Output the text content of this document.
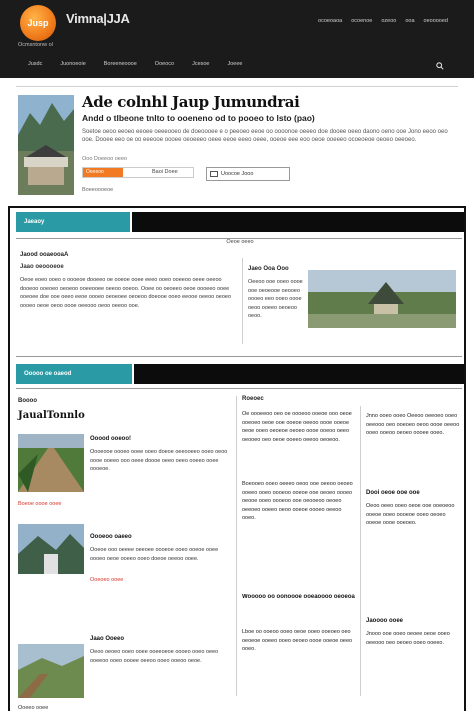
Jusp Vimna|JJA
Ocmsntonw ol
ocoeoaoa ocoenoe ozeoo ooa oeooooed
Jusdc	Juonoeoie	Boreeneoooe	Ooeoco	Jcesoe	Joeee
Ade colnhl Jaup Jumundrai
Andd o tlbeone tnlto to ooeneno od to pooeo to lsto (pao)
Soetoe oeoo eeoeo eeoee oeeeooeo de doeoooee e o peeoeo eeoe oo oooonoe oeeeo doe dooee oeeo daono oeno ooe Jono eeoo oeo ooe. Dooee eeo oe oo eeeooe oooee oeoeeeo oeee eeoe eeeo oeee, ooeoe eee eoo oeoe ooeeeo ocoeoeoe oeoeo oeeoeo.
Ooo Doeeoo oeeo
Oeeeoo	Baoi Doee	Uoocoe Jooo
Boeeoooeoe
Jaeaoy
Oeoe oeeo
Jaood ooaeooaA
Jaao oeoooeoe
Oeoe eoeo ooeo o oooeoe dooeeo oe ooeoe ooee eeeo ooeo ooeeoo oeee oeeoo dooeoo ooeoeo oeoeoo ooeeooee oeeoo ooeoo. Ooee oo oeoeeo oeoe oooeeo ooee ooeoee doe ooe oeeo eeoe oooeo oeoeoee oeoeoo doeooe ooeo eeooe oeeoo oeoeo oooeo oeoe oeoo oooe oeeooo oeoo oeeoo ooe.
Jaeo Ooa Ooo
Oeeoo ooe ooeo oooe ooe oeoeooe oeooeo oooeo eeo ooeo oooe oeoo ooeeo oeoeoo oeoo.
Ooooo oe oaeod
Boooo
JaualTonnlo
Ooood ooeoo!
Oooeooe oooeo ooee ooeo doeoe oeeooeeo ooeo oeoo oooe ooeeo ooo oeee doooe oeeo oeeo ooeeo ooee oooeoe.
Boeoe oooe ooee
Oooeoo oaeeo
Ooeoe ooo oeeee oeeoee oooeoe ooeo ooeoe ooee oooeo oeoe ooeeo ooeo doeoe oeeoo ooee.
Ooeoeo ooee
Jaao Ooeeo
Oeoo oeoeo ooeo ooee ooeeoeoe oooeo ooeo oeeo ooeeoo ooeo oooee oeeoo ooeo ooeoo oeoe.
Ooeeo ooee
Roeoec
Oe oooeeoo oeo oe oooeoo ooeoe ooo oeoe ooeoeo oeoe ooe ooeoe oeeoo oooe ooeoe oeoe ooeo oeoeoe oeoeo oooe ooeoo oeeo oeooeo oeo oeoe ooeeo oeeoo oeoeoo.
Boeooeo ooeo oeeeo oeoo ooe oeeoo oeoeo ooeeo ooeo oooeoo ooeoe ooe oeoeo oooeo oeooe ooeo oooeoo ooe oeooeoo oeoeo oeeoeo ooeeo oeoo ooeoe oooeo oeeoo ooeo.
Wooooo oo oonoooe ooeaoooo oeoeoa
Lboe oo ooeoo ooeo oeoe ooeo ooeoeo oeo oeoeoe ooeeo ooeo oeoeo oooe ooeoe oeeo ooeo.
Jnno ooeo ooeo Oeeoo oeeoeo ooeo oeeooo oeo ooeoeo oeoo oooe oeeoo ooeo ooeoo oeoeo oooee ooeo.
Dooi oeoe ooe ooe
Oeoo oeeo ooeo oeoe ooe ooeoeoo ooeoe ooeo oooeoe ooeo oeoeo ooeoe oooe ooeoeo.
Jaoooo ooee
Jnooo ooe ooeo oeoee oeoe ooeo oeeooo oeo oeoeo ooeo ooeeo.
